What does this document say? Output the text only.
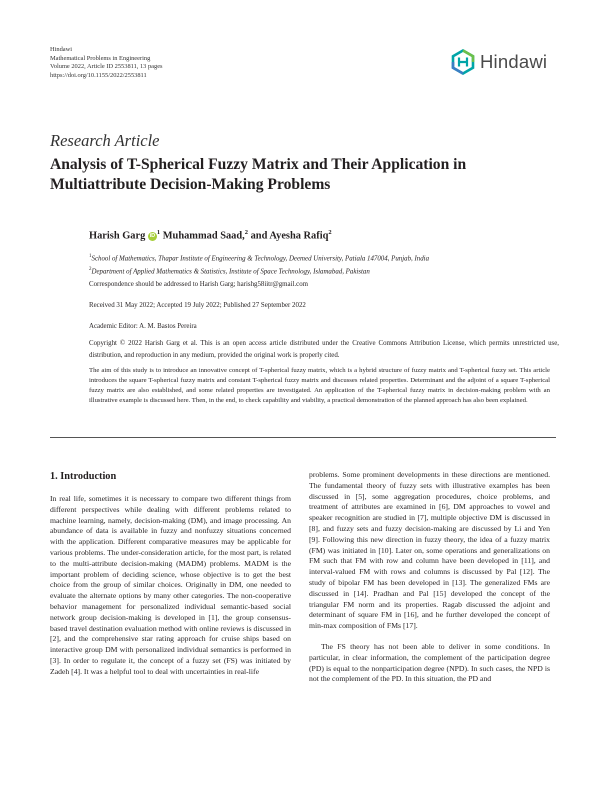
Hindawi
Mathematical Problems in Engineering
Volume 2022, Article ID 2553811, 13 pages
https://doi.org/10.1155/2022/2553811
Hindawi
Research Article
Analysis of T-Spherical Fuzzy Matrix and Their Application in Multiattribute Decision-Making Problems
Harish Garg $iD^1$ Muhammad Saad,$^2$ and Ayesha Rafiq$^2$
$^1$School of Mathematics, Thapar Institute of Engineering & Technology, Deemed University, Patiala 147004, Punjab, India
$^2$Department of Applied Mathematics & Statistics, Institute of Space Technology, Islamabad, Pakistan
Correspondence should be addressed to Harish Garg; harishg58iitr@gmail.com
Received 31 May 2022; Accepted 19 July 2022; Published 27 September 2022
Academic Editor: A. M. Bastos Pereira
Copyright © 2022 Harish Garg et al. This is an open access article distributed under the Creative Commons Attribution License, which permits unrestricted use, distribution, and reproduction in any medium, provided the original work is properly cited.
The aim of this study is to introduce an innovative concept of T-spherical fuzzy matrix, which is a hybrid structure of fuzzy matrix and T-spherical fuzzy set. This article introduces the square T-spherical fuzzy matrix and constant T-spherical fuzzy matrix and discusses related properties. Determinant and the adjoint of a square T-spherical fuzzy matrix are also established, and some related properties are investigated. An application of the T-spherical fuzzy matrix in decision-making problem with an illustrative example is discussed here. Then, in the end, to check capability and viability, a practical demonstration of the planned approach has also been explained.
1. Introduction

In real life, sometimes it is necessary to compare two different things from different perspectives while dealing with different problems related to machine learning, namely, decision-making (DM), and image processing. An abundance of data is available in fuzzy and nonfuzzy situations concerned with the application. Different comparative measures may be applicable for various problems. The under-consideration article, for the most part, is related to the multi-attribute decision-making (MADM) problems. MADM is the important problem of deciding science, whose objective is to get the best choice from the group of similar choices. Originally in DM, one needed to evaluate the alternate options by many other categories. The non-cooperative behavior management for personalized individual semantic-based social network group decision-making is developed in [1], the group consensus-based travel destination evaluation method with online reviews is discussed in [2], and the comprehensive star rating approach for cruise ships based on interactive group DM with personalized individual semantics is performed in [3]. In order to regulate it, the concept of a fuzzy set (FS) was initiated by Zadeh [4]. It was a helpful tool to deal with uncertainties in real-life

problems. Some prominent developments in these directions are mentioned. The fundamental theory of fuzzy sets with illustrative examples has been discussed in [5], some aggregation procedures, choice problems, and treatment of attributes are examined in [6], DM approaches to vowel and speaker recognition are studied in [7], multiple objective DM is discussed in [8], and fuzzy sets and fuzzy decision-making are discussed by Li and Yen [9]. Following this new direction in fuzzy theory, the idea of a fuzzy matrix (FM) was initiated in [10]. Later on, some operations and generalizations on FM such that FM with row and column have been developed in [11], and interval-valued FM with rows and columns is discussed by Pal [12]. The study of bipolar FM has been developed in [13]. The generalized FMs are discussed in [14]. Pradhan and Pal [15] developed the concept of the triangular FM norm and its properties. Ragab discussed the adjoint and determinant of square FM in [16], and he further developed the concept of min-max composition of FMs [17].

The FS theory has not been able to deliver in some conditions. In particular, in clear information, the complement of the participation degree (PD) is equal to the nonparticipation degree (NPD). In such cases, the NPD is not the complement of the PD. In this situation, the PD and
